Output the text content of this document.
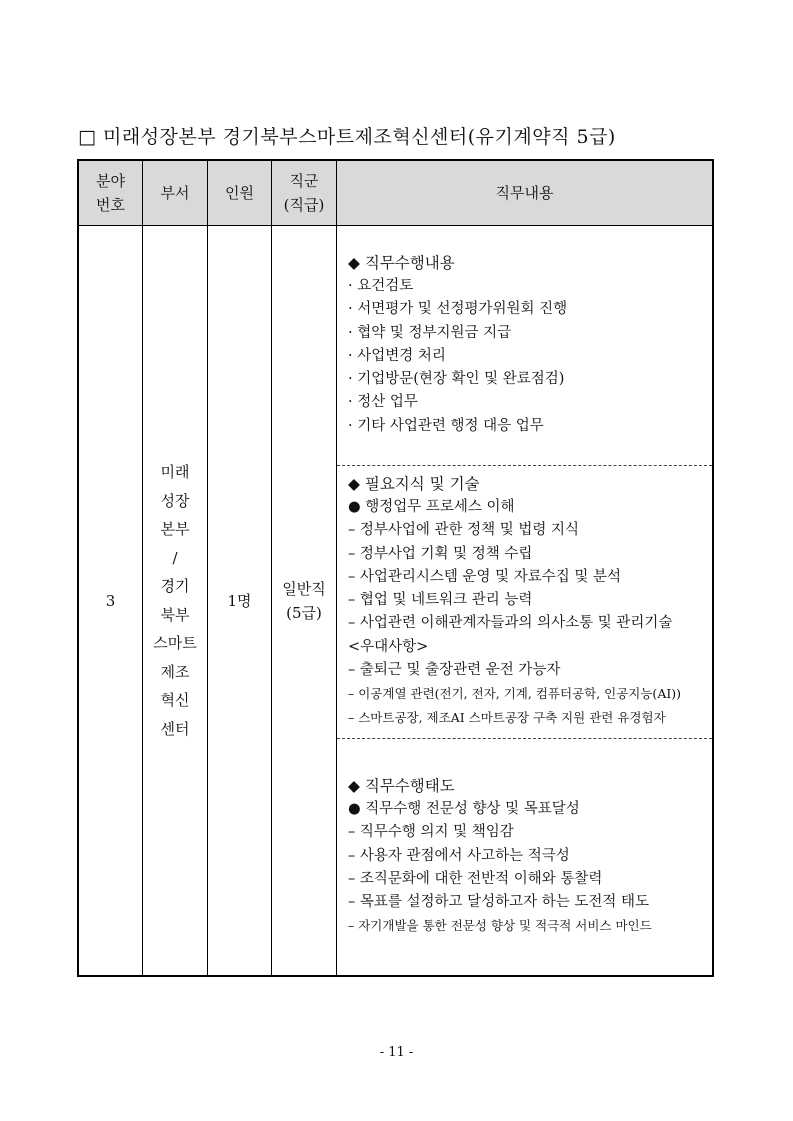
□ 미래성장본부 경기북부스마트제조혁신센터(유기계약직 5급)
분야
번호
부서 인원
직군
(직급)
직무내용
3
미래
성장
본부
/
경기
북부
스마트
제조
혁신
센터
1명
일반직
(5급)
◆ 직무수행내용
· 요건검토
· 서면평가 및 선정평가위원회 진행
· 협약 및 정부지원금 지급
· 사업변경 처리
· 기업방문(현장 확인 및 완료점검)
· 정산 업무
· 기타 사업관련 행정 대응 업무
◆ 필요지식 및 기술
● 행정업무 프로세스 이해
– 정부사업에 관한 정책 및 법령 지식
– 정부사업 기획 및 정책 수립
– 사업관리시스템 운영 및 자료수집 및 분석
– 협업 및 네트워크 관리 능력
– 사업관련 이해관계자들과의 의사소통 및 관리기술
<우대사항>
– 출퇴근 및 출장관련 운전 가능자
– 이공계열 관련(전기, 전자, 기계, 컴퓨터공학, 인공지능(AI))
– 스마트공장, 제조AI 스마트공장 구축 지원 관련 유경험자
◆ 직무수행태도
● 직무수행 전문성 향상 및 목표달성
– 직무수행 의지 및 책임감
– 사용자 관점에서 사고하는 적극성
– 조직문화에 대한 전반적 이해와 통찰력
– 목표를 설정하고 달성하고자 하는 도전적 태도
– 자기개발을 통한 전문성 향상 및 적극적 서비스 마인드
- 11 -
